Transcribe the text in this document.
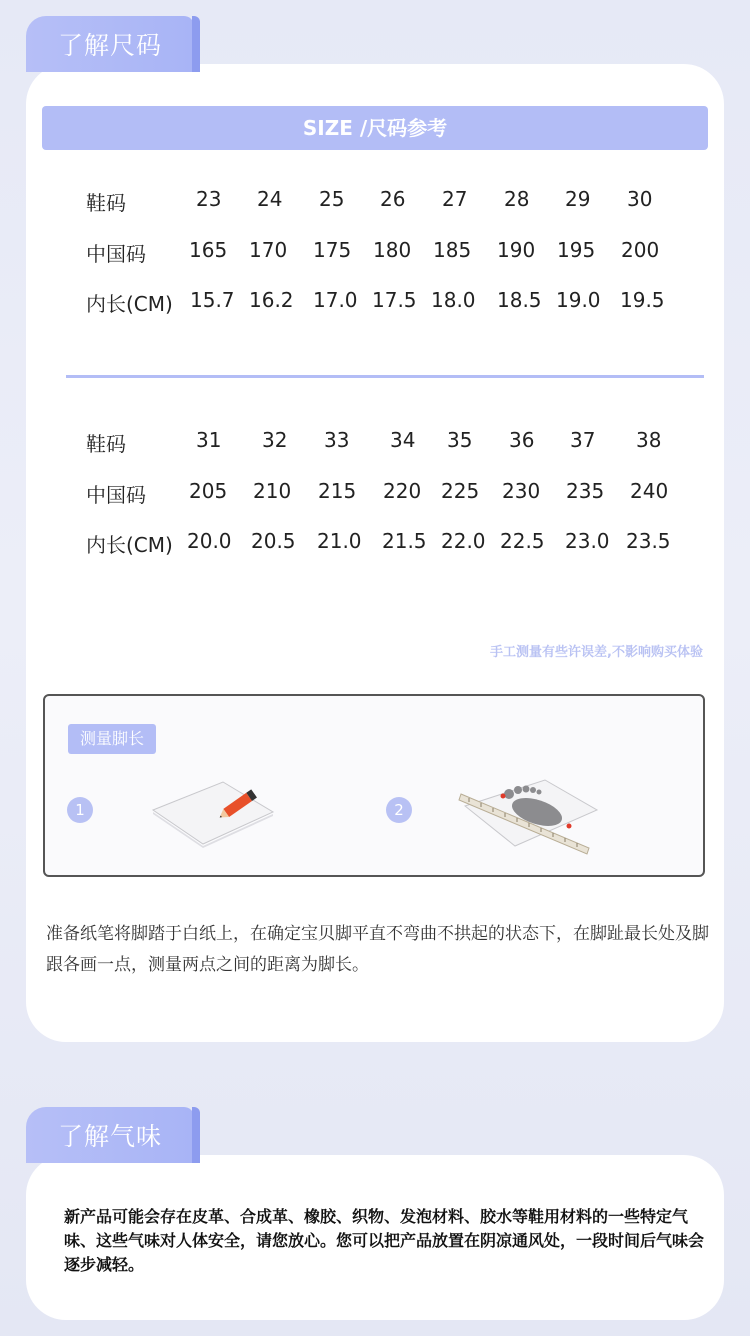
了解尺码
SIZE /尺码参考
鞋码	23 24 25 26 27 28 29 30
中国码 165 170 175 180 185 190 195 200
内长(CM) 15.7 16.2 17.0 17.5 18.0 18.5 19.0 19.5
鞋码	31 32 33 34 35 36 37 38
中国码 205 210 215 220 225 230 235 240
内长(CM) 20.0 20.5 21.0 21.5 22.0 22.5 23.0 23.5
手工测量有些许误差,不影响购买体验
测量脚长
1	2
准备纸笔将脚踏于白纸上，在确定宝贝脚平直不弯曲不拱起的状态下，在脚趾最长处及脚跟各画一点，测量两点之间的距离为脚长。
了解气味
新产品可能会存在皮革、合成革、橡胶、织物、发泡材料、胶水等鞋用材料的一些特定气味、这些气味对人体安全，请您放心。您可以把产品放置在阴凉通风处，一段时间后气味会逐步减轻。
